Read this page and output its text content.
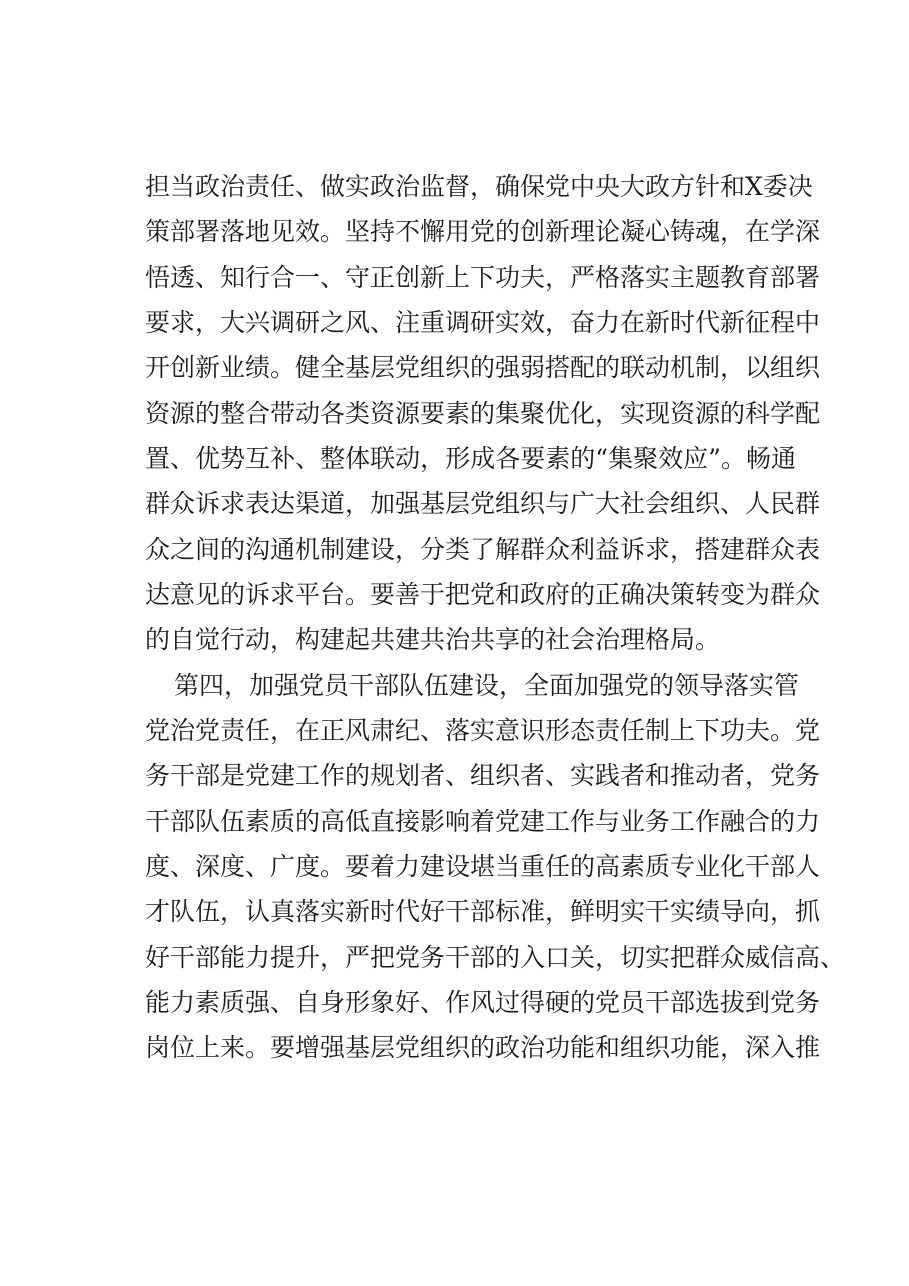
担当政治责任、做实政治监督，确保党中央大政方针和X委决
策部署落地见效。坚持不懈用党的创新理论凝心铸魂，在学深
悟透、知行合一、守正创新上下功夫，严格落实主题教育部署
要求，大兴调研之风、注重调研实效，奋力在新时代新征程中
开创新业绩。健全基层党组织的强弱搭配的联动机制，以组织
资源的整合带动各类资源要素的集聚优化，实现资源的科学配
置、优势互补、整体联动，形成各要素的“集聚效应”。畅通
群众诉求表达渠道，加强基层党组织与广大社会组织、人民群
众之间的沟通机制建设，分类了解群众利益诉求，搭建群众表
达意见的诉求平台。要善于把党和政府的正确决策转变为群众
的自觉行动，构建起共建共治共享的社会治理格局。
第四，加强党员干部队伍建设，全面加强党的领导落实管
党治党责任，在正风肃纪、落实意识形态责任制上下功夫。党
务干部是党建工作的规划者、组织者、实践者和推动者，党务
干部队伍素质的高低直接影响着党建工作与业务工作融合的力
度、深度、广度。要着力建设堪当重任的高素质专业化干部人
才队伍，认真落实新时代好干部标准，鲜明实干实绩导向，抓
好干部能力提升，严把党务干部的入口关，切实把群众威信高、
能力素质强、自身形象好、作风过得硬的党员干部选拔到党务
岗位上来。要增强基层党组织的政治功能和组织功能，深入推
